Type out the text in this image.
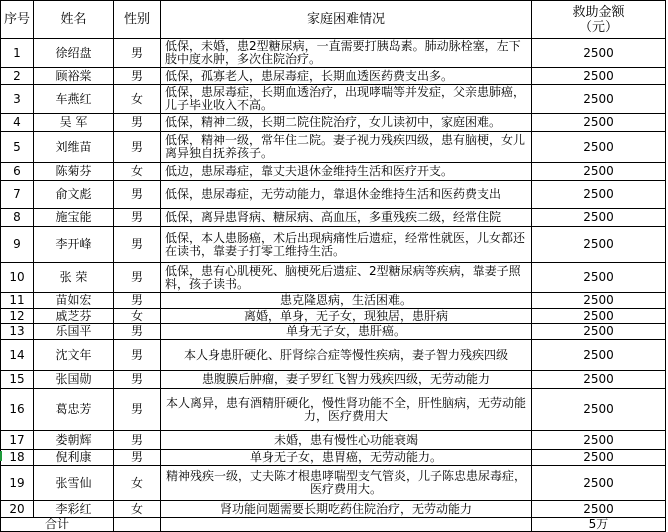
序号	姓名	性别	家庭困难情况	救助金额
（元）
1	徐绍盘	男	低保，未婚，患2型糖尿病，一直需要打胰岛素。肺动脉栓塞，左下肢中度水肿，多次住院治疗。	2500
2	顾裕棠	男	低保，孤寡老人，患尿毒症，长期血透医药费支出多。	2500
3	车燕红	女	低保，患尿毒症，长期血透治疗，出现哮喘等并发症，父亲患肺癌，儿子毕业收入不高。	2500
4	吴 军	男	低保，精神二级，长期二院住院治疗，女儿读初中，家庭困难。	2500
5	刘维苗	男	低保，精神一级，常年住二院。妻子视力残疾四级，患有脑梗，女儿离异独自抚养孩子。	2500
6	陈菊芬	女	低边，患尿毒症，靠丈夫退休金维持生活和医疗开支。	2500
7	俞文彪	男	低保，患尿毒症，无劳动能力，靠退休金维持生活和医药费支出	2500
8	施宝能	男	低保，离异患肾病、糖尿病、高血压，多重残疾二级，经常住院	2500
9	李开峰	男	低保，本人患肠癌，术后出现病痛性后遗症，经常性就医，儿女都还在读书，靠妻子打零工维持生活。	2500
10	张 荣	男	低保，患有心肌梗死、脑梗死后遗症、2型糖尿病等疾病，靠妻子照料，孩子读书。	2500
11	苗如宏	男	患克隆恩病，生活困难。	2500
12	戚芝芬	女	离婚，单身，无子女，现独居，患肝病	2500
13	乐国平	男	单身无子女，患肝癌。	2500
14	沈文年	男	本人身患肝硬化、肝肾综合症等慢性疾病，妻子智力残疾四级	2500
15	张国勋	男	患腹膜后肿瘤，妻子罗红飞智力残疾四级，无劳动能力	2500
16	葛忠芳	男	本人离异，患有酒精肝硬化，慢性肾功能不全，肝性脑病，无劳动能力，医疗费用大	2500
17	娄朝辉	男	未婚，患有慢性心功能衰竭	2500
18	倪利康	男	单身无子女，患胃癌，无劳动能力。	2500
19	张雪仙	女	精神残疾一级，丈夫陈才根患哮喘型支气管炎，儿子陈忠患尿毒症，医疗费用大。	2500
20	李彩红	女	肾功能问题需要长期吃药住院治疗，无劳动能力	2500
合计	5万
